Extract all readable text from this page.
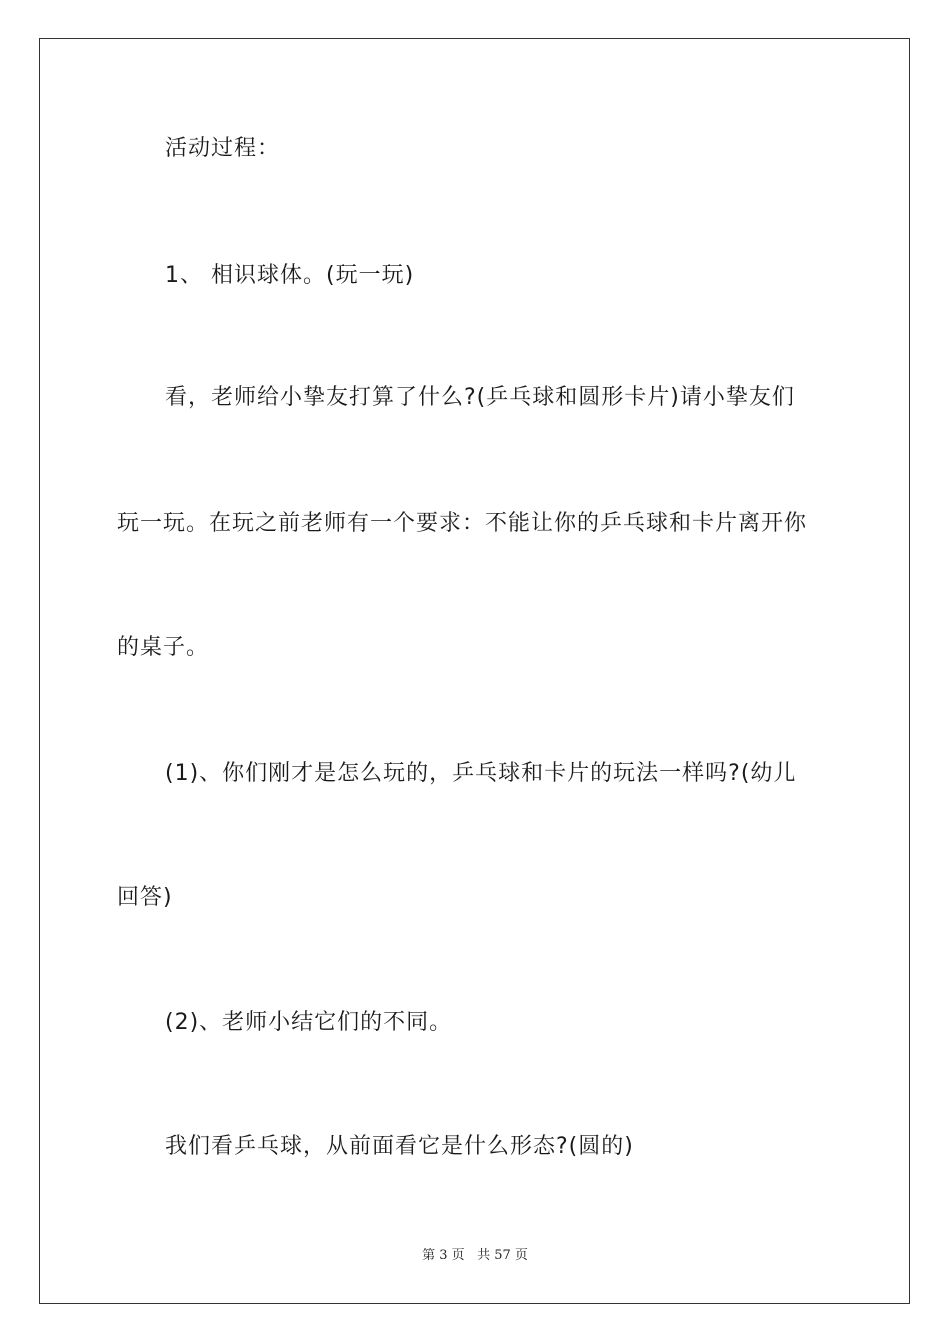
活动过程：
1、 相识球体。(玩一玩)
看，老师给小挚友打算了什么?(乒乓球和圆形卡片)请小挚友们
玩一玩。在玩之前老师有一个要求：不能让你的乒乓球和卡片离开你
的桌子。
(1)、你们刚才是怎么玩的，乒乓球和卡片的玩法一样吗?(幼儿
回答)
(2)、老师小结它们的不同。
我们看乒乓球，从前面看它是什么形态?(圆的)
第 3 页 共 57 页
